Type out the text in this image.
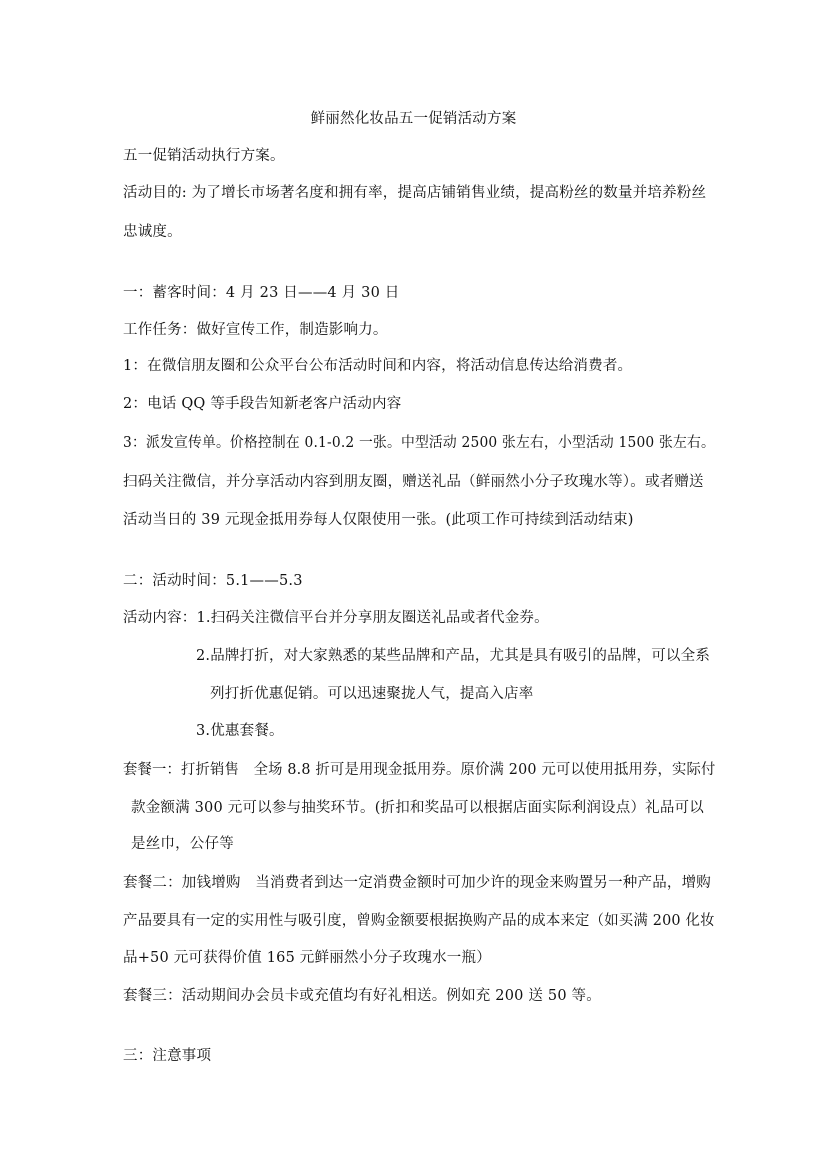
鲜丽然化妆品五一促销活动方案
五一促销活动执行方案。
活动目的: 为了增长市场著名度和拥有率，提高店铺销售业绩，提高粉丝的数量并培养粉丝
忠诚度。
一：蓄客时间：4 月 23 日——4 月 30 日
工作任务：做好宣传工作，制造影响力。
1：在微信朋友圈和公众平台公布活动时间和内容，将活动信息传达给消费者。
2：电话 QQ 等手段告知新老客户活动内容
3：派发宣传单。价格控制在 0.1-0.2 一张。中型活动 2500 张左右，小型活动 1500 张左右。
扫码关注微信，并分享活动内容到朋友圈，赠送礼品（鲜丽然小分子玫瑰水等）。或者赠送
活动当日的 39 元现金抵用券每人仅限使用一张。(此项工作可持续到活动结束)
二：活动时间：5.1——5.3
活动内容：1.扫码关注微信平台并分享朋友圈送礼品或者代金券。
2.品牌打折，对大家熟悉的某些品牌和产品，尤其是具有吸引的品牌，可以全系
列打折优惠促销。可以迅速聚拢人气，提高入店率
3.优惠套餐。
套餐一：打折销售　全场 8.8 折可是用现金抵用券。原价满 200 元可以使用抵用券，实际付
款金额满 300 元可以参与抽奖环节。(折扣和奖品可以根据店面实际利润设点）礼品可以
是丝巾，公仔等
套餐二：加钱增购　当消费者到达一定消费金额时可加少许的现金来购置另一种产品，增购
产品要具有一定的实用性与吸引度，曾购金额要根据换购产品的成本来定（如买满 200 化妆
品+50 元可获得价值 165 元鲜丽然小分子玫瑰水一瓶）
套餐三：活动期间办会员卡或充值均有好礼相送。例如充 200 送 50 等。
三：注意事项
